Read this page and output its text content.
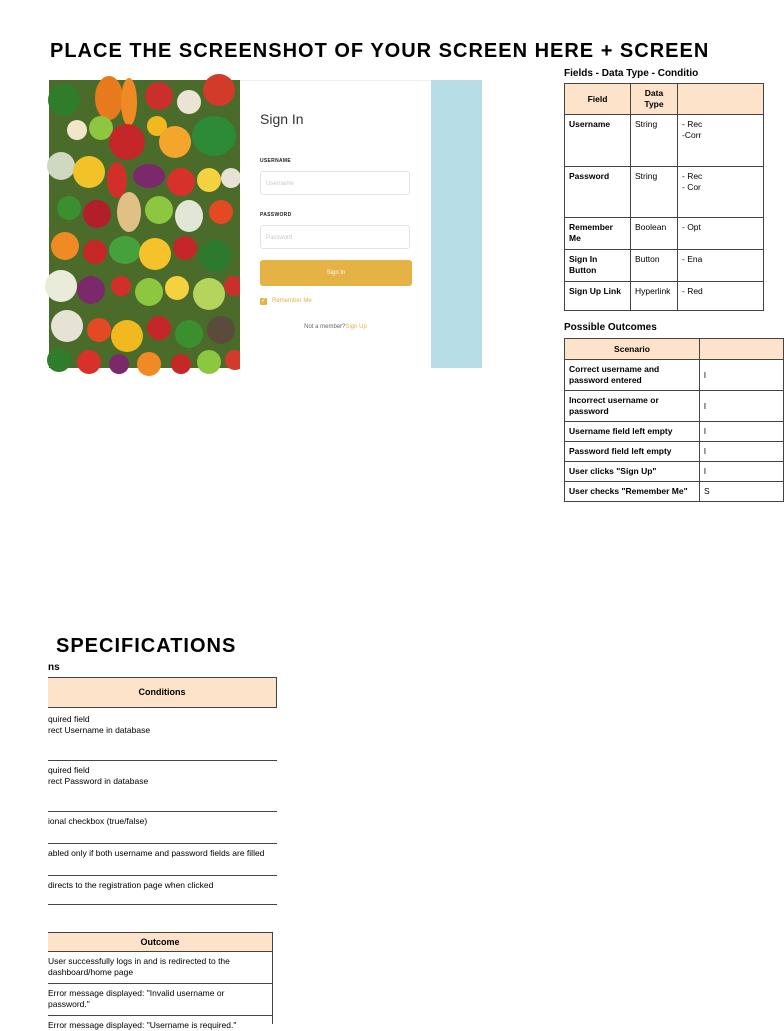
PLACE THE SCREENSHOT OF YOUR SCREEN HERE + SCREEN
Sign In
USERNAME
Username
PASSWORD
Password
Sign In
✓ Remember Me
Not a member?Sign Up
Fields - Data Type - Conditio
Field	Data Type	
Username	String	- Rec
-Corr
Password	String	- Rec
- Cor
Remember Me	Boolean	- Opt
Sign In Button	Button	- Ena
Sign Up Link	Hyperlink	- Red
Possible Outcomes
Scenario	
Correct username and password entered	l
Incorrect username or password	l
Username field left empty	l
Password field left empty	l
User clicks "Sign Up"	l
User checks "Remember Me"	S
SPECIFICATIONS
ns
Conditions
quired field
rect Username in database
quired field
rect Password in database
ional checkbox (true/false)
abled only if both username and password fields are filled
directs to the registration page when clicked
Outcome
User successfully logs in and is redirected to the
dashboard/home page
Error message displayed: "Invalid username or
password."
Error message displayed: "Username is required."
